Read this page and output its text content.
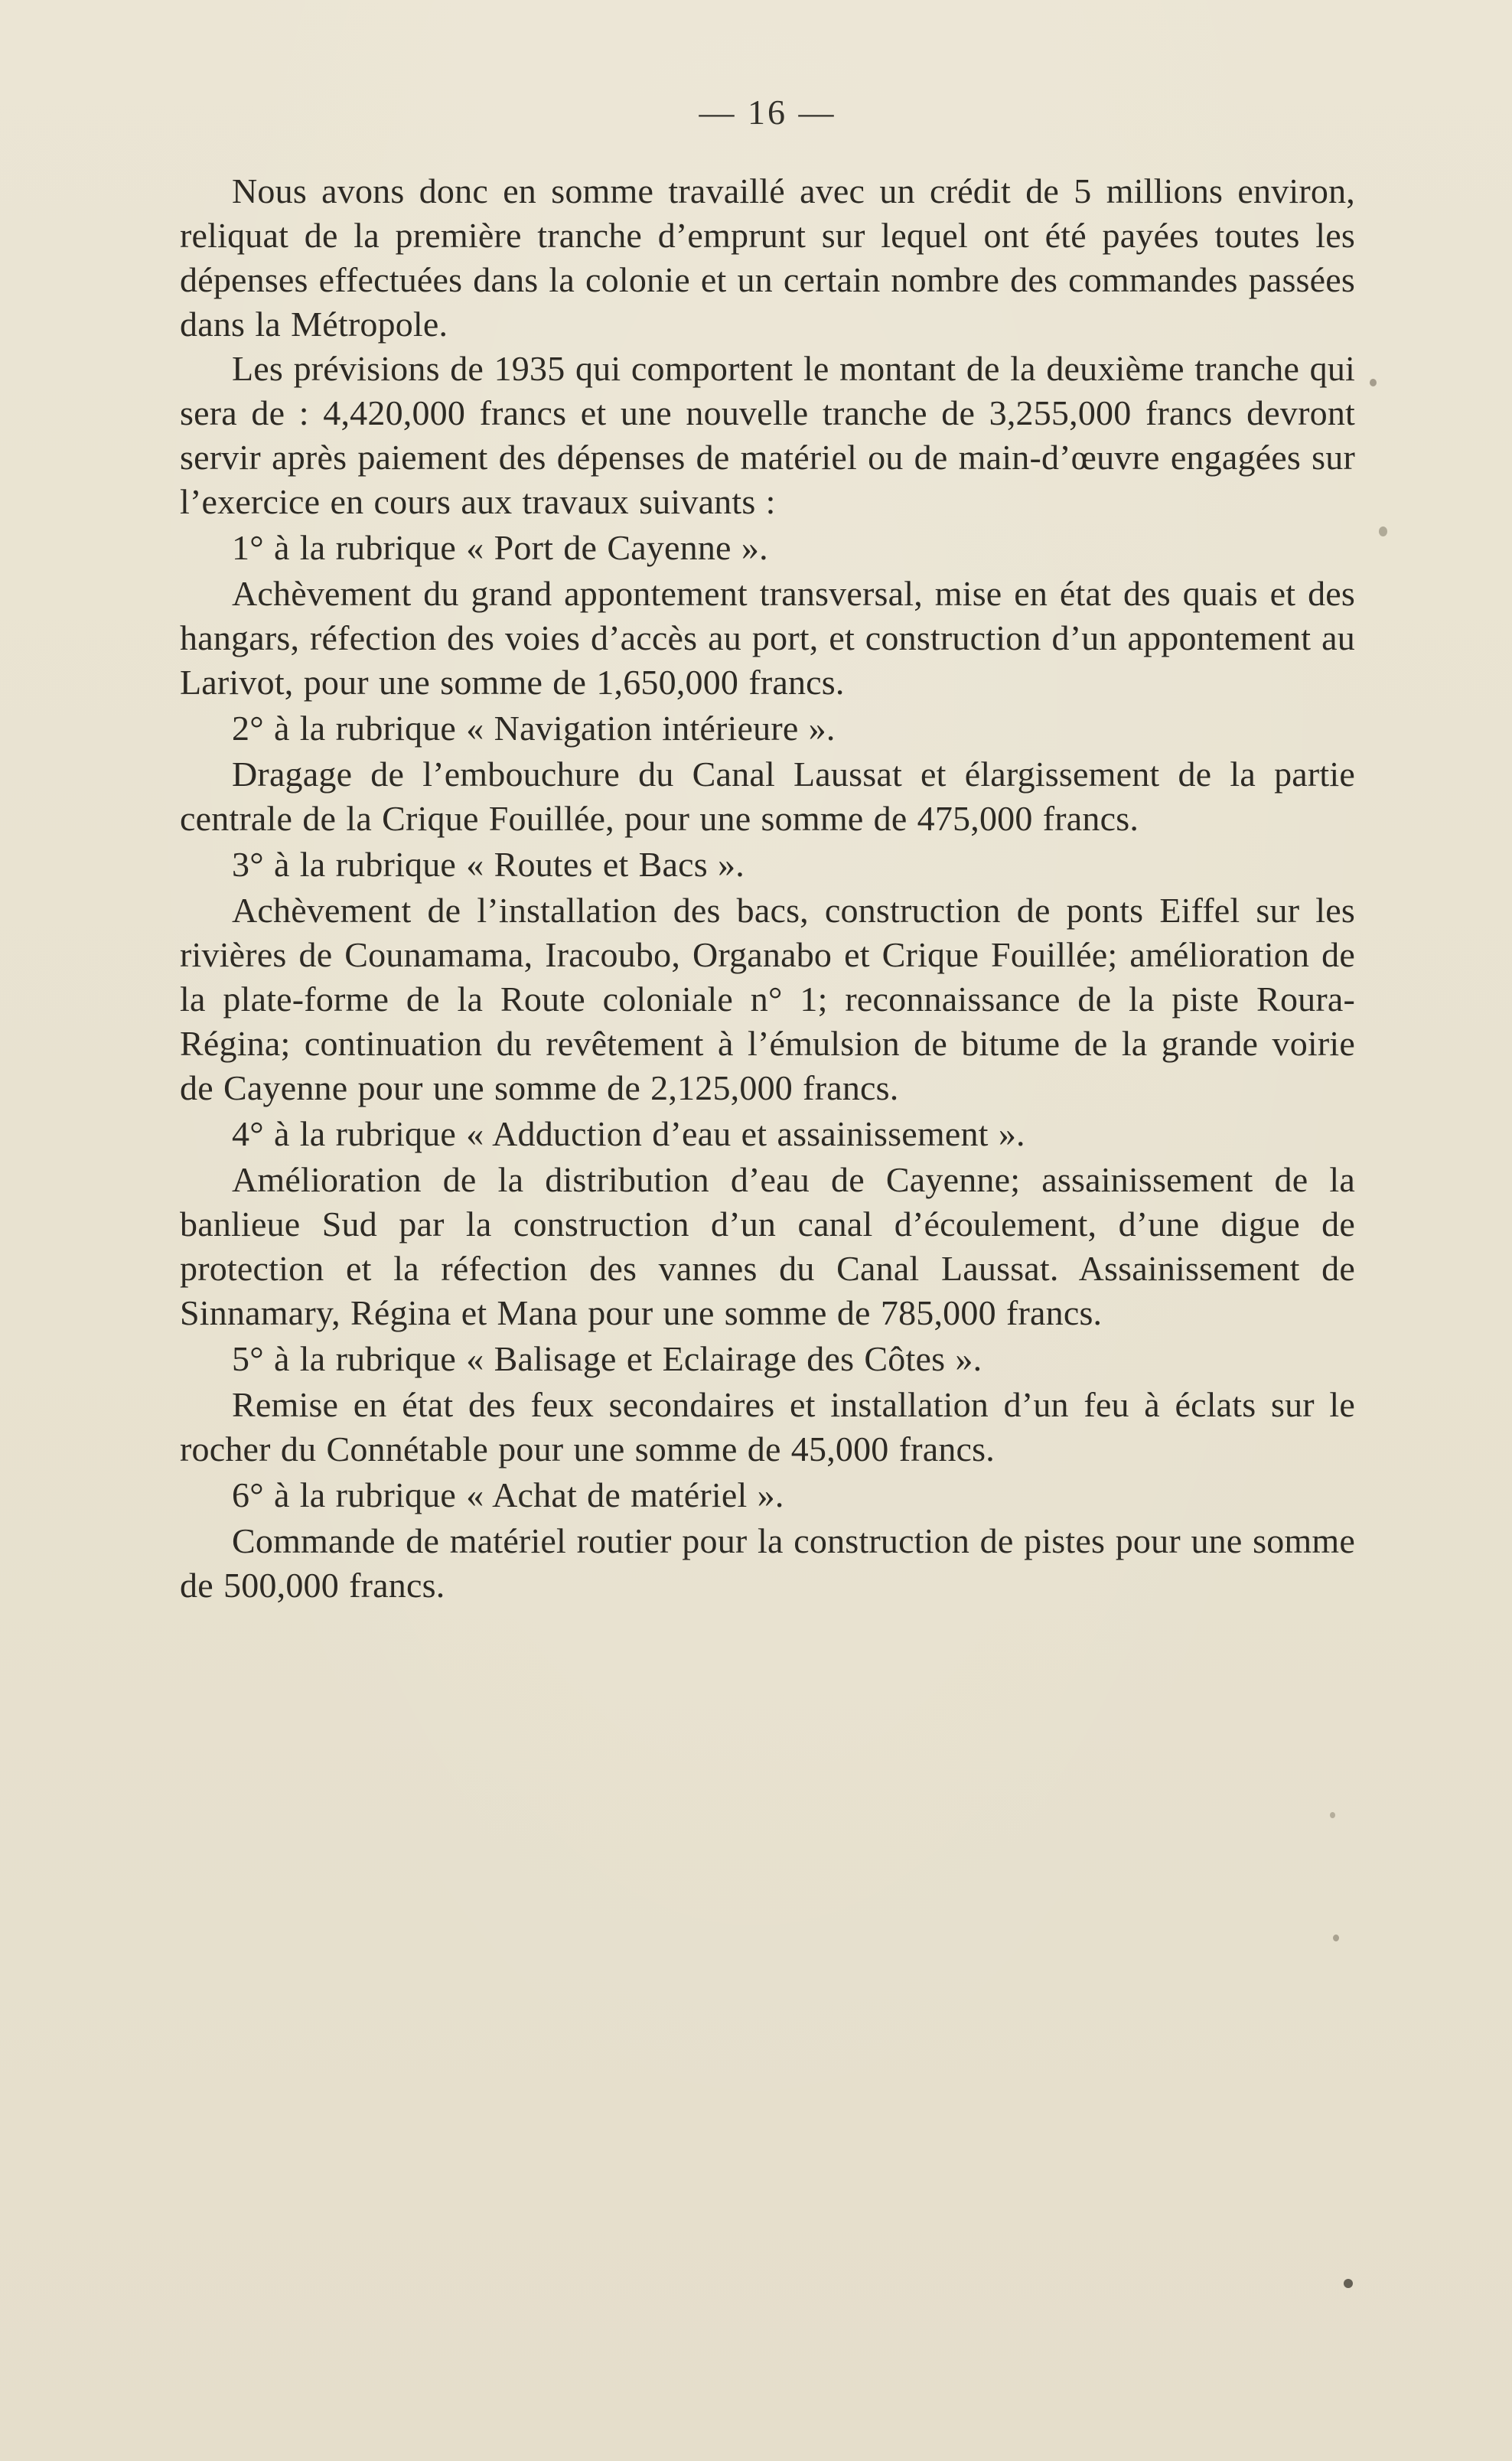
— 16 —

Nous avons donc en somme travaillé avec un crédit de 5 millions environ, reliquat de la première tranche d’emprunt sur lequel ont été payées toutes les dépenses effectuées dans la colonie et un certain nombre des commandes passées dans la Métropole.

Les prévisions de 1935 qui comportent le montant de la deuxième tranche qui sera de : 4,420,000 francs et une nouvelle tranche de 3,255,000 francs devront servir après paiement des dépenses de matériel ou de main-d’œuvre engagées sur l’exercice en cours aux travaux suivants :

1° à la rubrique « Port de Cayenne ».

Achèvement du grand appontement transversal, mise en état des quais et des hangars, réfection des voies d’accès au port, et construction d’un appontement au Larivot, pour une somme de 1,650,000 francs.

2° à la rubrique « Navigation intérieure ».

Dragage de l’embouchure du Canal Laussat et élargissement de la partie centrale de la Crique Fouillée, pour une somme de 475,000 francs.

3° à la rubrique « Routes et Bacs ».

Achèvement de l’installation des bacs, construction de ponts Eiffel sur les rivières de Counamama, Iracoubo, Organabo et Crique Fouillée; amélioration de la plate-forme de la Route coloniale n° 1; reconnaissance de la piste Roura-Régina; continuation du revêtement à l’émulsion de bitume de la grande voirie de Cayenne pour une somme de 2,125,000 francs.

4° à la rubrique « Adduction d’eau et assainissement ».

Amélioration de la distribution d’eau de Cayenne; assainissement de la banlieue Sud par la construction d’un canal d’écoulement, d’une digue de protection et la réfection des vannes du Canal Laussat. Assainissement de Sinnamary, Régina et Mana pour une somme de 785,000 francs.

5° à la rubrique « Balisage et Eclairage des Côtes ».

Remise en état des feux secondaires et installation d’un feu à éclats sur le rocher du Connétable pour une somme de 45,000 francs.

6° à la rubrique « Achat de matériel ».

Commande de matériel routier pour la construction de pistes pour une somme de 500,000 francs.
